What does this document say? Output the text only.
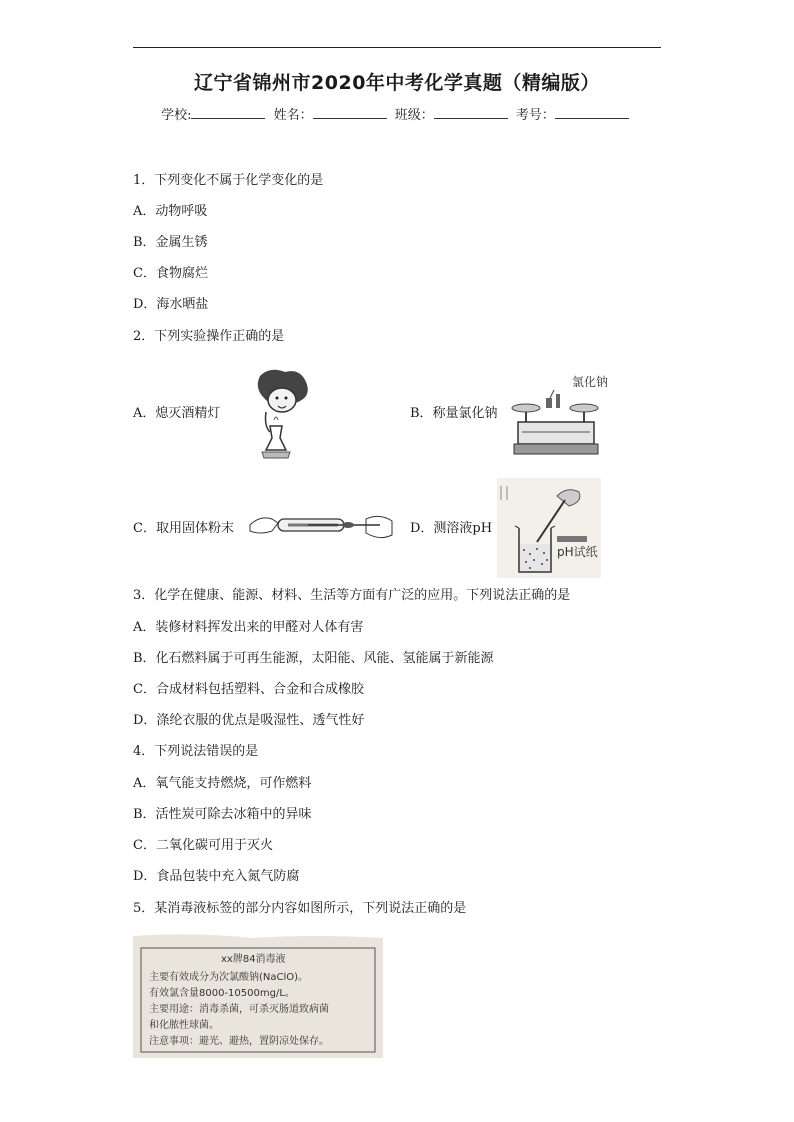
辽宁省锦州市2020年中考化学真题（精编版）
学校:	姓名：	班级：	考号：
1．下列变化不属于化学变化的是
A．动物呼吸
B．金属生锈
C．食物腐烂
D．海水晒盐
2．下列实验操作正确的是
A．熄灭酒精灯	B．称量氯化钠
氯化钠
C．取用固体粉末	D．测溶液pH
pH试纸
3．化学在健康、能源、材料、生活等方面有广泛的应用。下列说法正确的是
A．装修材料挥发出来的甲醛对人体有害
B．化石燃料属于可再生能源，太阳能、风能、氢能属于新能源
C．合成材料包括塑料、合金和合成橡胶
D．涤纶衣服的优点是吸湿性、透气性好
4．下列说法错误的是
A．氧气能支持燃烧，可作燃料
B．活性炭可除去冰箱中的异味
C．二氧化碳可用于灭火
D．食品包装中充入氮气防腐
5．某消毒液标签的部分内容如图所示，下列说法正确的是
xx牌84消毒液
主要有效成分为次氯酸钠(NaClO)。
有效氯含量8000-10500mg/L。
主要用途：消毒杀菌，可杀灭肠道致病菌
和化脓性球菌。
注意事项：避光、避热，置阴凉处保存。
